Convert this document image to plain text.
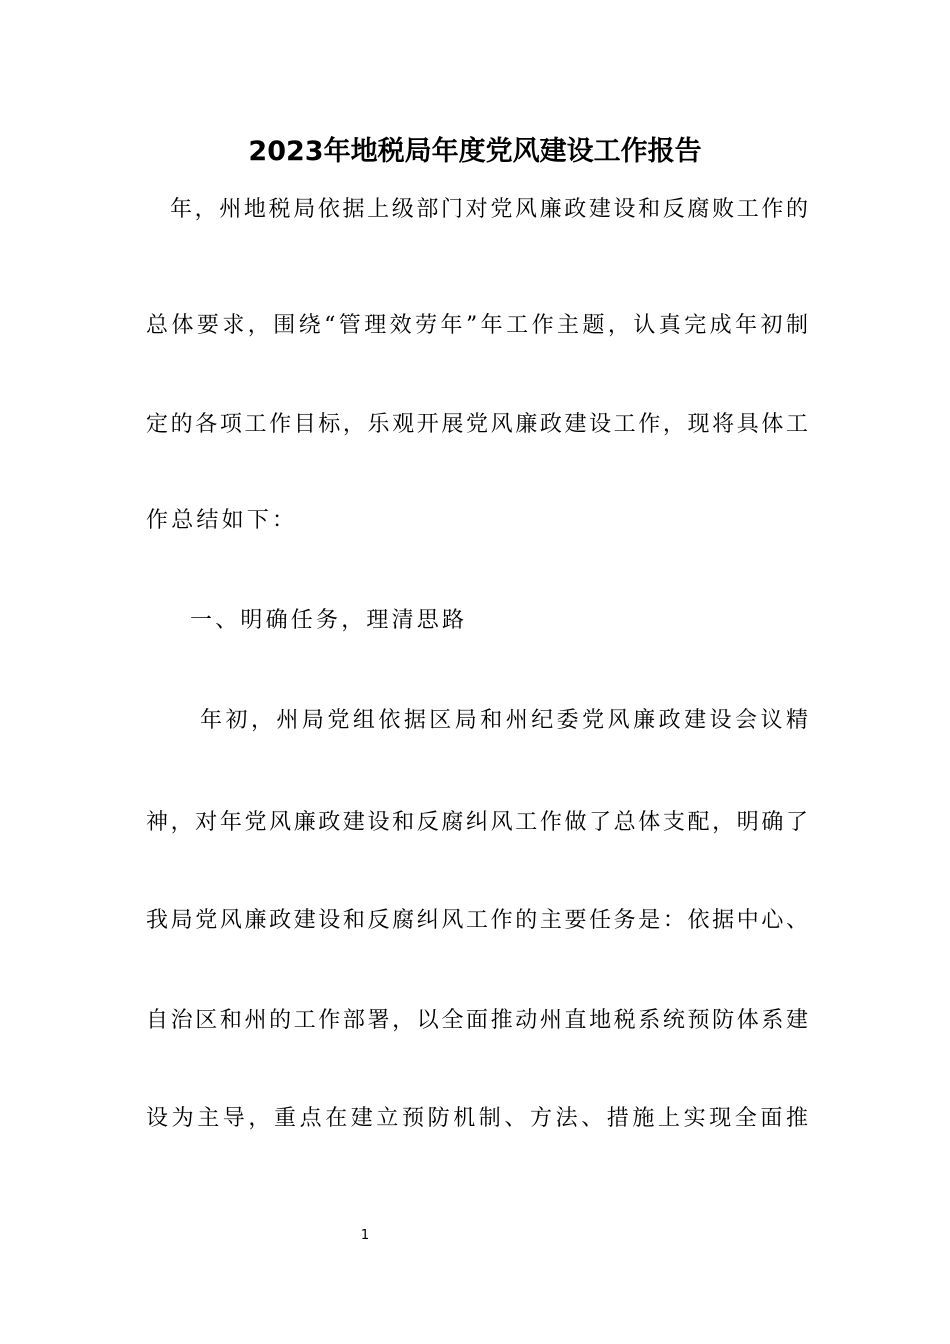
2023年地税局年度党风建设工作报告
年，州地税局依据上级部门对党风廉政建设和反腐败工作的
总体要求，围绕“管理效劳年”年工作主题，认真完成年初制
定的各项工作目标，乐观开展党风廉政建设工作，现将具体工
作总结如下：
一、明确任务，理清思路
年初，州局党组依据区局和州纪委党风廉政建设会议精
神，对年党风廉政建设和反腐纠风工作做了总体支配，明确了
我局党风廉政建设和反腐纠风工作的主要任务是：依据中心、
自治区和州的工作部署，以全面推动州直地税系统预防体系建
设为主导，重点在建立预防机制、方法、措施上实现全面推
1
